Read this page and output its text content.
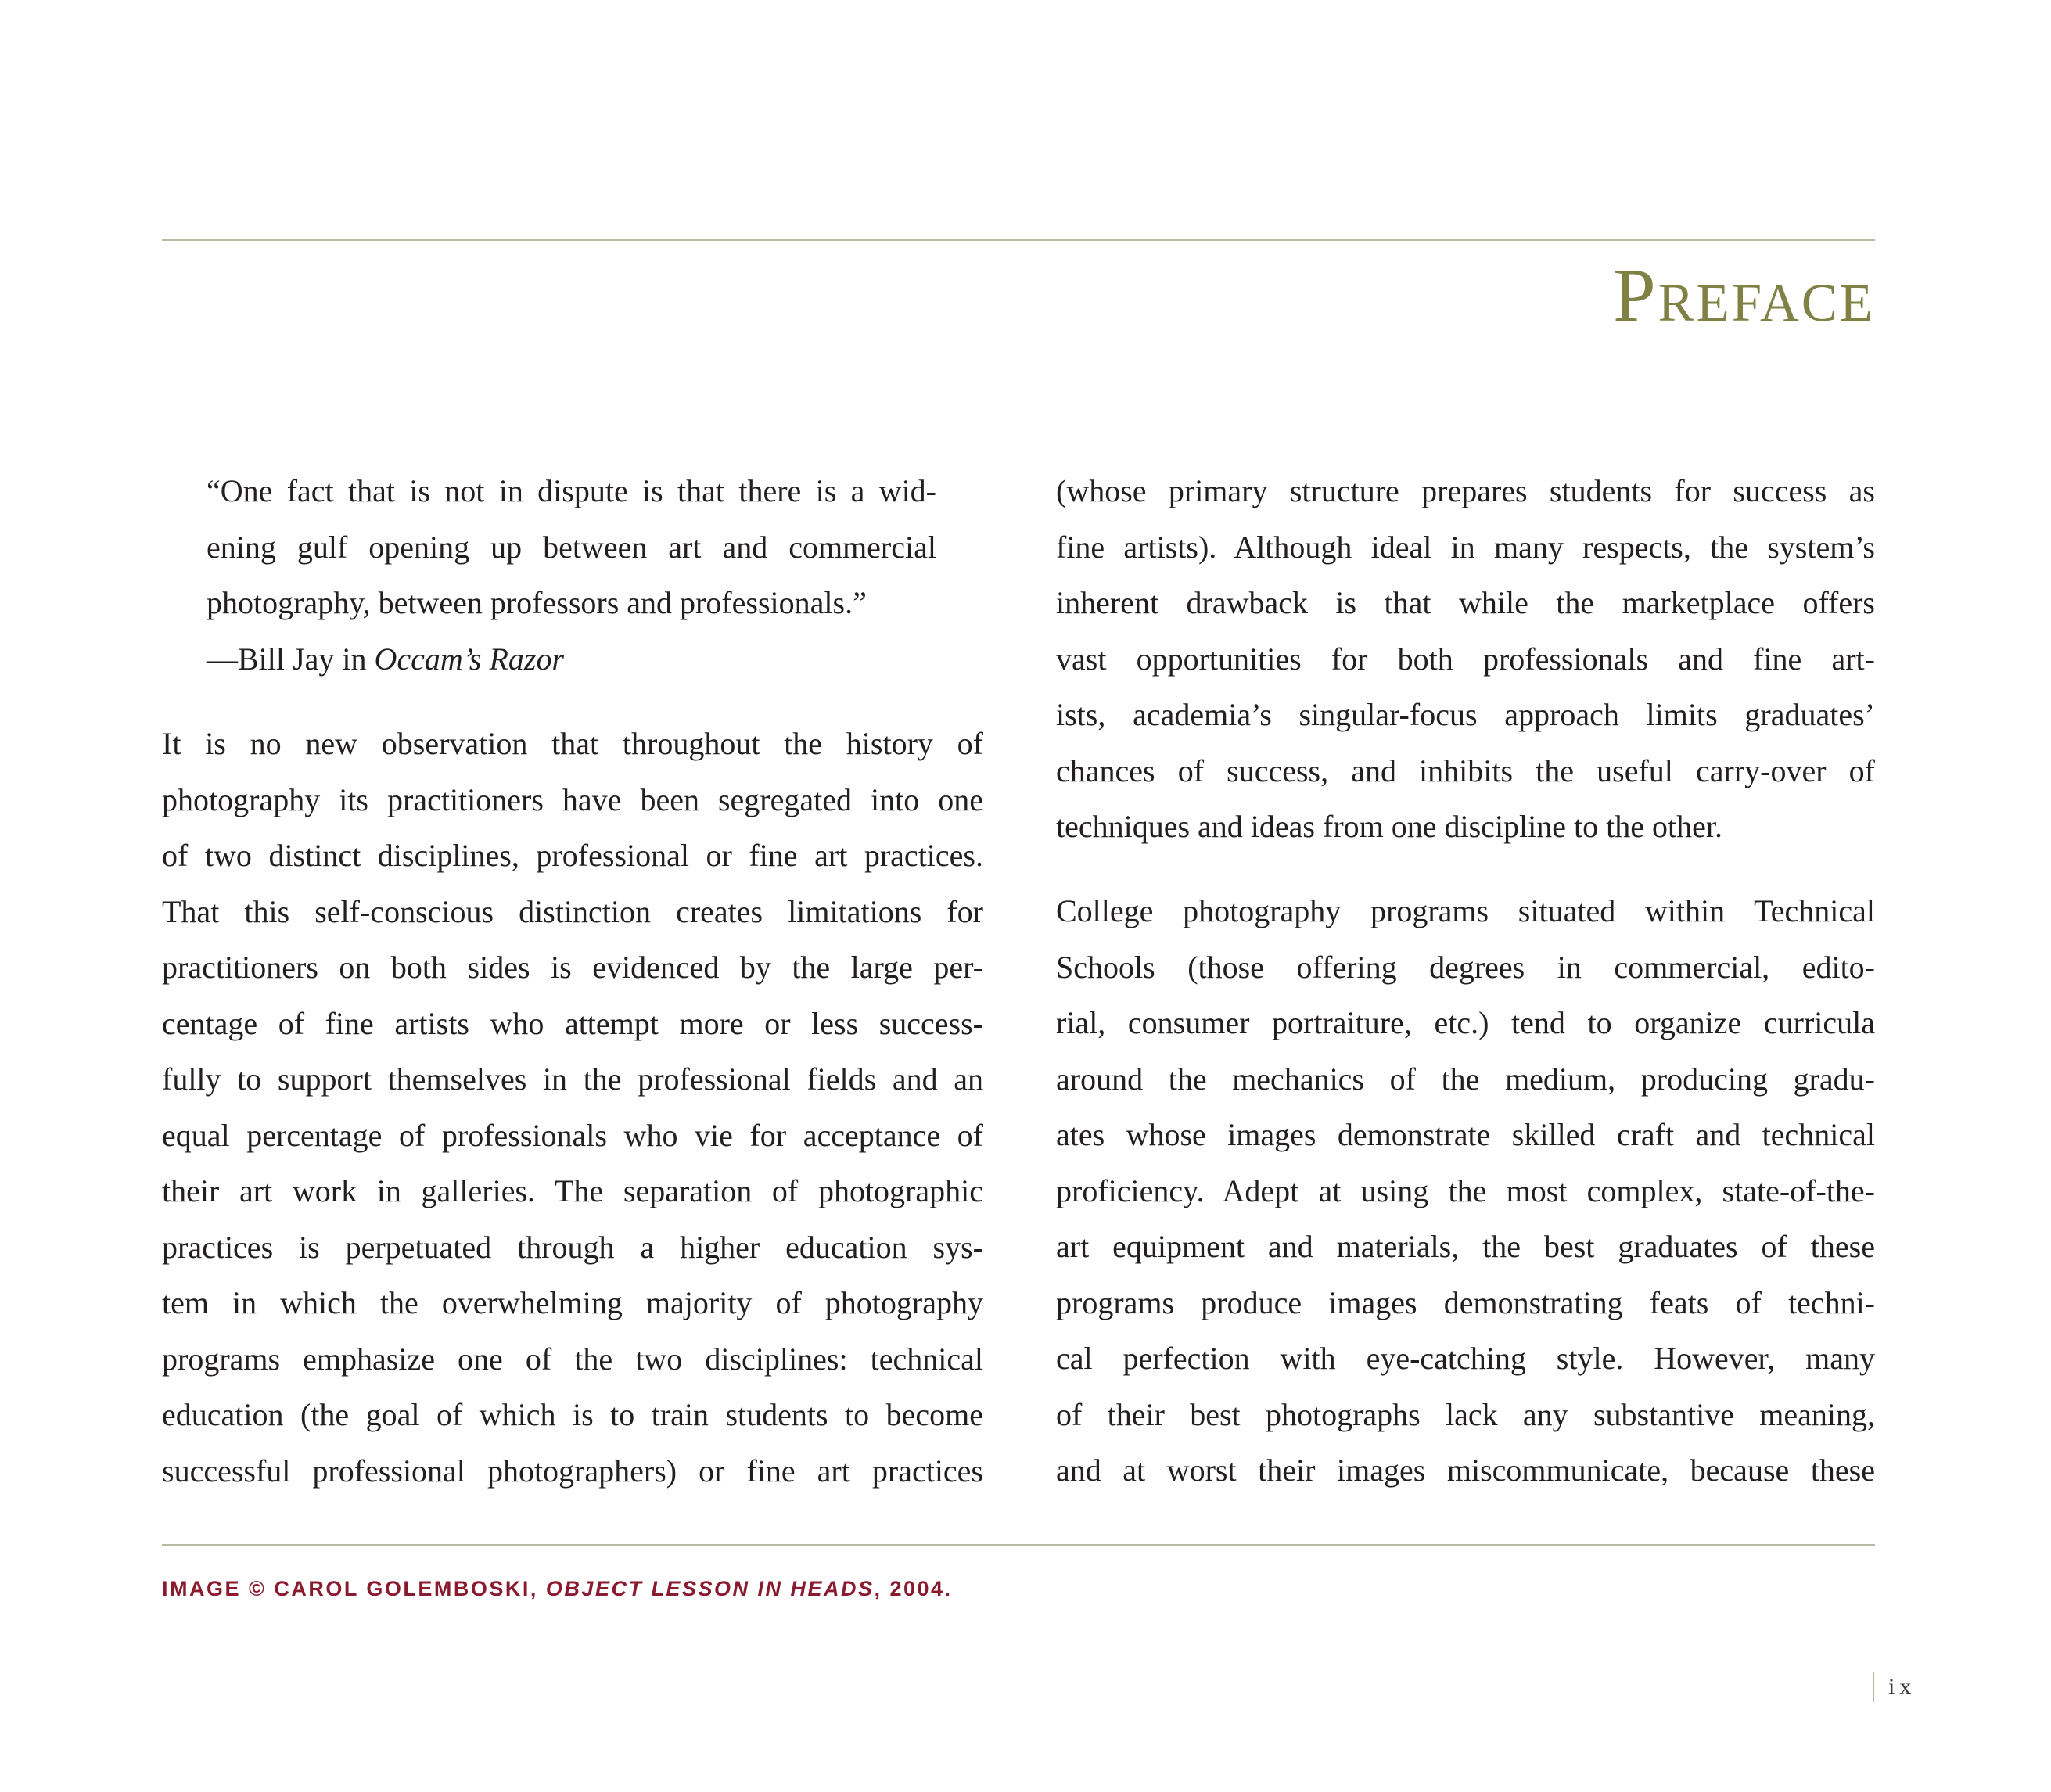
Preface
“One fact that is not in dispute is that there is a wid-
ening gulf opening up between art and commercial
photography, between professors and professionals.”
—Bill Jay in Occam’s Razor
It is no new observation that throughout the history of
photography its practitioners have been segregated into one
of two distinct disciplines, professional or fine art practices.
That this self-conscious distinction creates limitations for
practitioners on both sides is evidenced by the large per-
centage of fine artists who attempt more or less success-
fully to support themselves in the professional fields and an
equal percentage of professionals who vie for acceptance of
their art work in galleries. The separation of photographic
practices is perpetuated through a higher education sys-
tem in which the overwhelming majority of photography
programs emphasize one of the two disciplines: technical
education (the goal of which is to train students to become
successful professional photographers) or fine art practices
(whose primary structure prepares students for success as
fine artists). Although ideal in many respects, the system’s
inherent drawback is that while the marketplace offers
vast opportunities for both professionals and fine art-
ists, academia’s singular-focus approach limits graduates’
chances of success, and inhibits the useful carry-over of
techniques and ideas from one discipline to the other.
College photography programs situated within Technical
Schools (those offering degrees in commercial, edito-
rial, consumer portraiture, etc.) tend to organize curricula
around the mechanics of the medium, producing gradu-
ates whose images demonstrate skilled craft and technical
proficiency. Adept at using the most complex, state-of-the-
art equipment and materials, the best graduates of these
programs produce images demonstrating feats of techni-
cal perfection with eye-catching style. However, many
of their best photographs lack any substantive meaning,
and at worst their images miscommunicate, because these

IMAGE © CAROL GOLEMBOSKI, OBJECT LESSON IN HEADS, 2004.

ix
